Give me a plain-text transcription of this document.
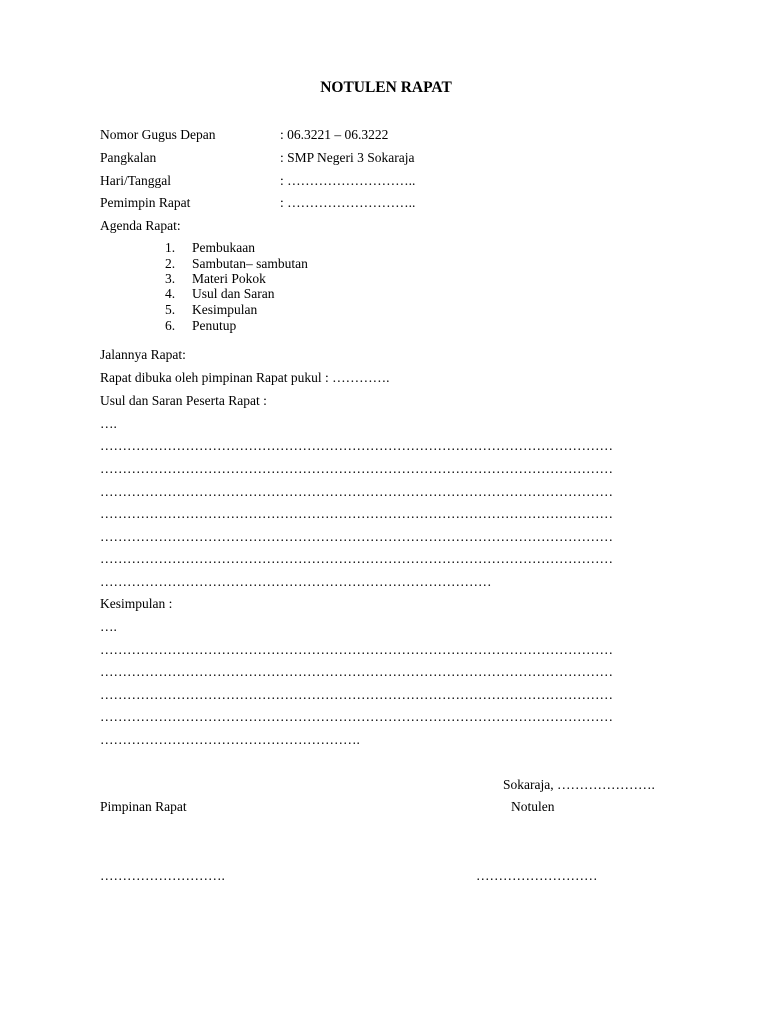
NOTULEN RAPAT
Nomor Gugus Depan	: 06.3221 – 06.3222
Pangkalan	: SMP Negeri 3 Sokaraja
Hari/Tanggal	: ………………………..
Pemimpin Rapat	: ………………………..
Agenda Rapat:
1. Pembukaan
2. Sambutan– sambutan
3. Materi Pokok
4. Usul dan Saran
5. Kesimpulan
6. Penutup
Jalannya Rapat:
Rapat dibuka oleh pimpinan Rapat pukul : ………….
Usul dan Saran Peserta Rapat :
….
……………………………………………………………………………………………………
……………………………………………………………………………………………………
……………………………………………………………………………………………………
……………………………………………………………………………………………………
……………………………………………………………………………………………………
……………………………………………………………………………………………………
……………………………………………………………………………
Kesimpulan :
….
……………………………………………………………………………………………………
……………………………………………………………………………………………………
……………………………………………………………………………………………………
……………………………………………………………………………………………………
………………………………………………….
Sokaraja, ………………….
Pimpinan Rapat	Notulen
……………………….	………………………
